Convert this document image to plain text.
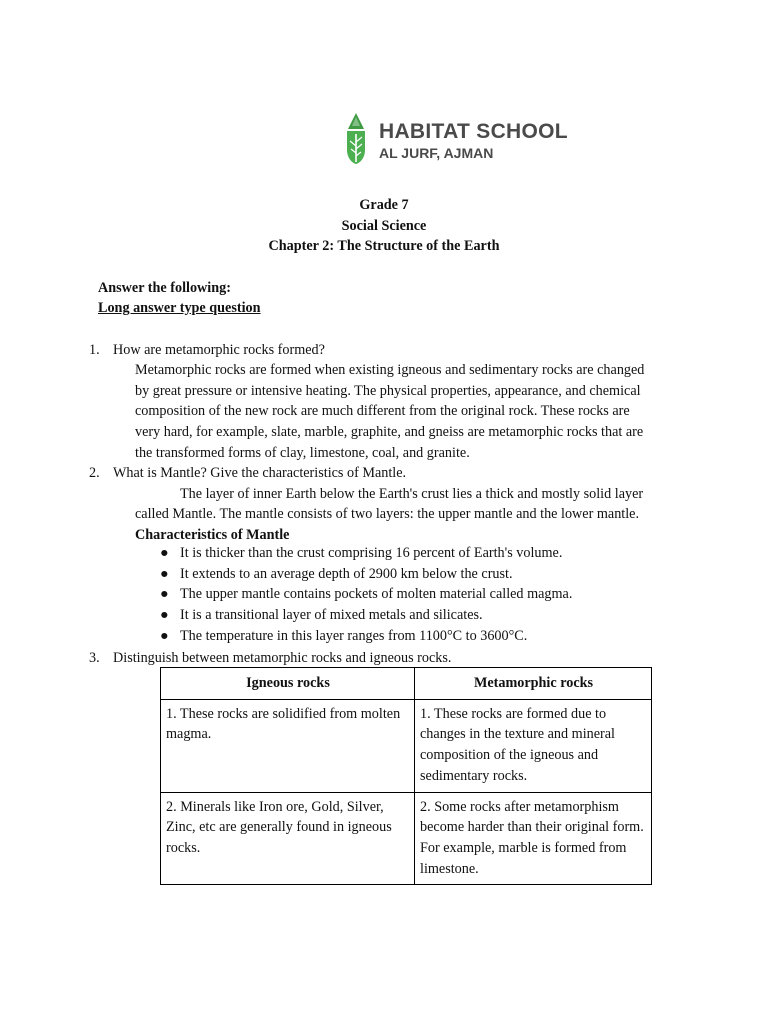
HABITAT SCHOOL
AL JURF, AJMAN
Grade 7
Social Science
Chapter 2: The Structure of the Earth
Answer the following:
Long answer type question
1. How are metamorphic rocks formed?
Metamorphic rocks are formed when existing igneous and sedimentary rocks are changed
by great pressure or intensive heating. The physical properties, appearance, and chemical
composition of the new rock are much different from the original rock. These rocks are
very hard, for example, slate, marble, graphite, and gneiss are metamorphic rocks that are
the transformed forms of clay, limestone, coal, and granite.
2. What is Mantle? Give the characteristics of Mantle.
The layer of inner Earth below the Earth's crust lies a thick and mostly solid layer
called Mantle. The mantle consists of two layers: the upper mantle and the lower mantle.
Characteristics of Mantle
● It is thicker than the crust comprising 16 percent of Earth's volume.
● It extends to an average depth of 2900 km below the crust.
● The upper mantle contains pockets of molten material called magma.
● It is a transitional layer of mixed metals and silicates.
● The temperature in this layer ranges from 1100°C to 3600°C.
3. Distinguish between metamorphic rocks and igneous rocks.
Igneous rocks	Metamorphic rocks
1. These rocks are solidified from molten magma.	1. These rocks are formed due to changes in the texture and mineral composition of the igneous and sedimentary rocks.
2. Minerals like Iron ore, Gold, Silver, Zinc, etc are generally found in igneous rocks.	2. Some rocks after metamorphism become harder than their original form. For example, marble is formed from limestone.
